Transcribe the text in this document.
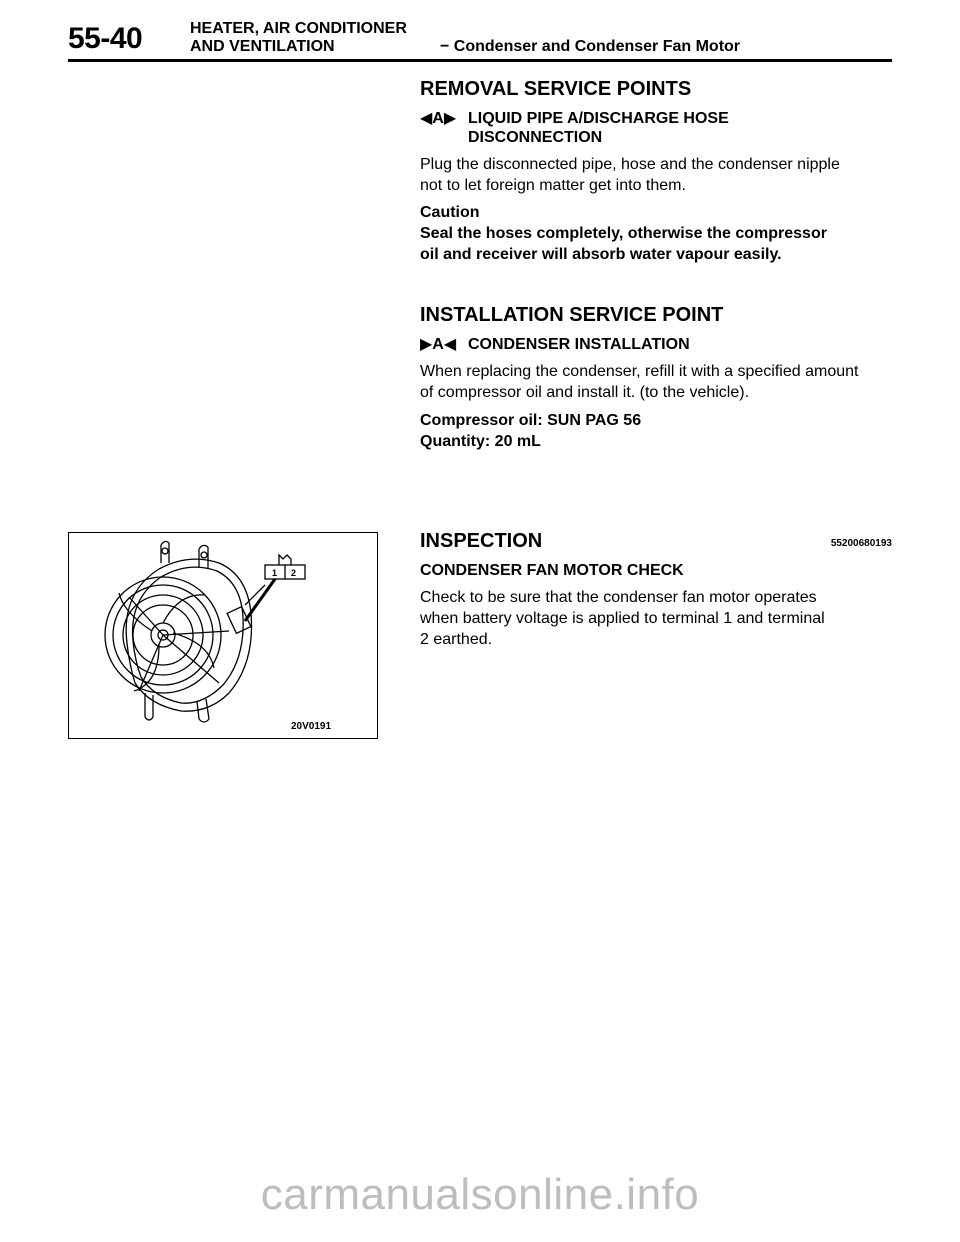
55-40	HEATER, AIR CONDITIONER
AND VENTILATION	− Condenser and Condenser Fan Motor
REMOVAL SERVICE POINTS
◀A▶ LIQUID PIPE A/DISCHARGE HOSE
DISCONNECTION
Plug the disconnected pipe, hose and the condenser nipple
not to let foreign matter get into them.
Caution
Seal the hoses completely, otherwise the compressor
oil and receiver will absorb water vapour easily.
INSTALLATION SERVICE POINT
▶A◀ CONDENSER INSTALLATION
When replacing the condenser, refill it with a specified amount
of compressor oil and install it. (to the vehicle).
Compressor oil: SUN PAG 56
Quantity: 20 mL
INSPECTION	55200680193
CONDENSER FAN MOTOR CHECK
Check to be sure that the condenser fan motor operates
when battery voltage is applied to terminal 1 and terminal
2 earthed.
1 2
20V0191
carmanualsonline.info
